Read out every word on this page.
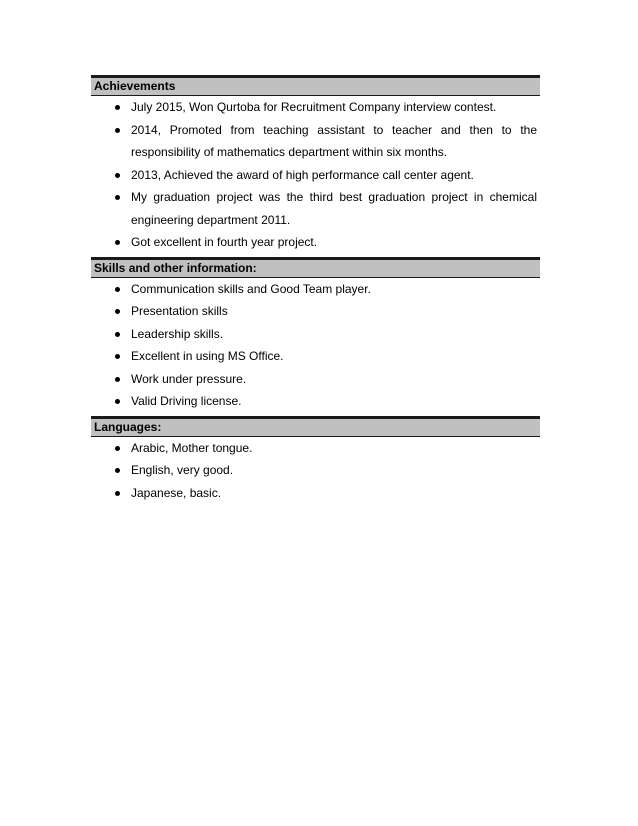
Achievements
July 2015, Won Qurtoba for Recruitment Company interview contest.
2014, Promoted from teaching assistant to teacher and then to the responsibility of mathematics department within six months.
2013, Achieved the award of high performance call center agent.
My graduation project was the third best graduation project in chemical engineering department 2011.
Got excellent in fourth year project.
Skills and other information:
Communication skills and Good Team player.
Presentation skills
Leadership skills.
Excellent in using MS Office.
Work under pressure.
Valid Driving license.
Languages:
Arabic, Mother tongue.
English, very good.
Japanese, basic.
